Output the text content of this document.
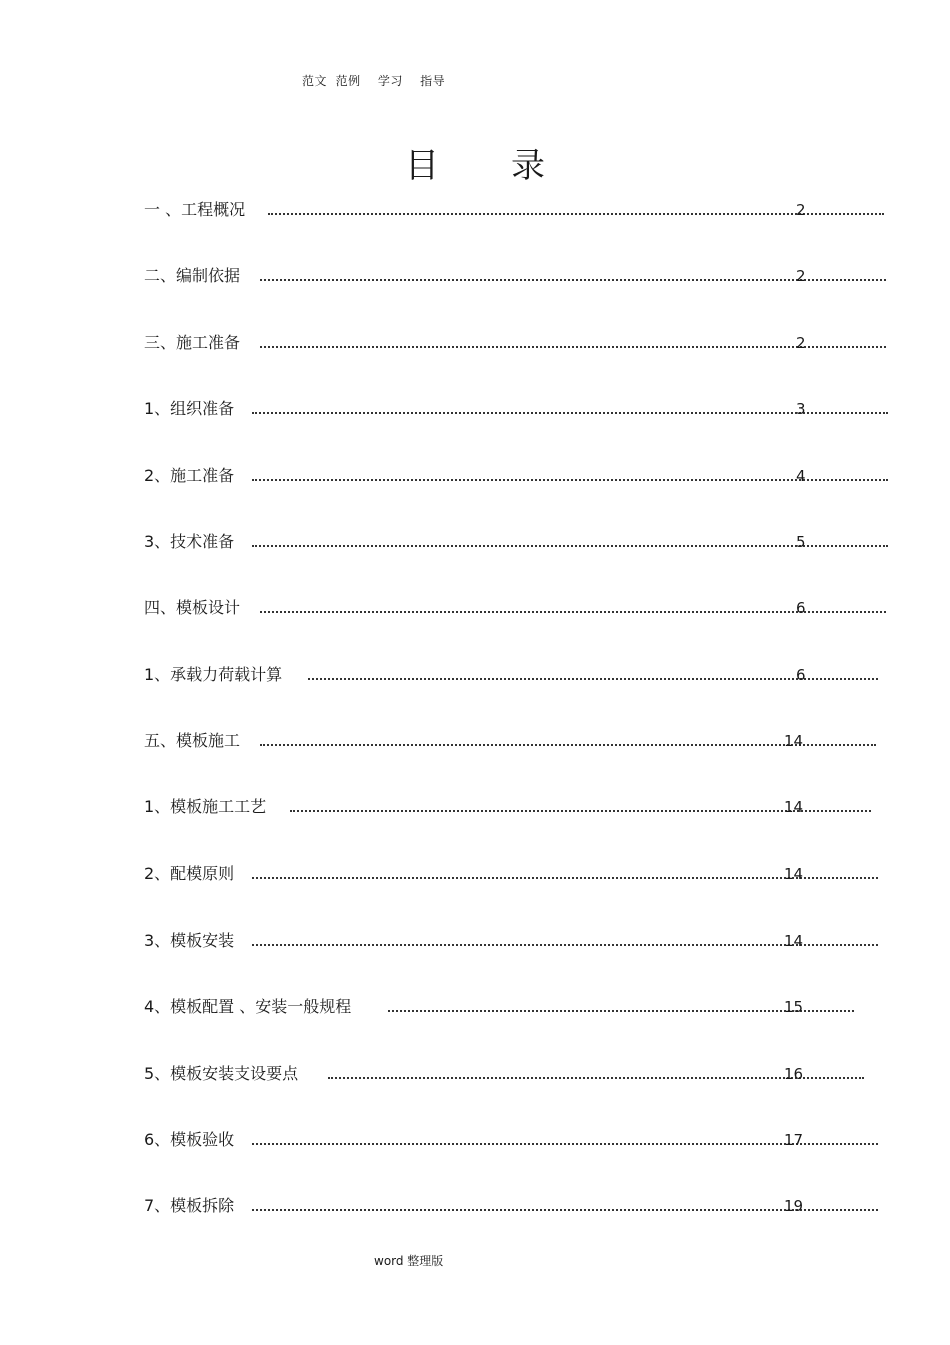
范文  范例    学习    指导
目录
一 、工程概况	2
二、编制依据	2
三、施工准备	2
1、组织准备	3
2、施工准备	4
3、技术准备	5
四、模板设计	6
1、承载力荷载计算	6
五、模板施工	14
1、模板施工工艺	14
2、配模原则	14
3、模板安装	14
4、模板配置 、安装一般规程	15
5、模板安装支设要点	16
6、模板验收	17
7、模板拆除	19
word 整理版
